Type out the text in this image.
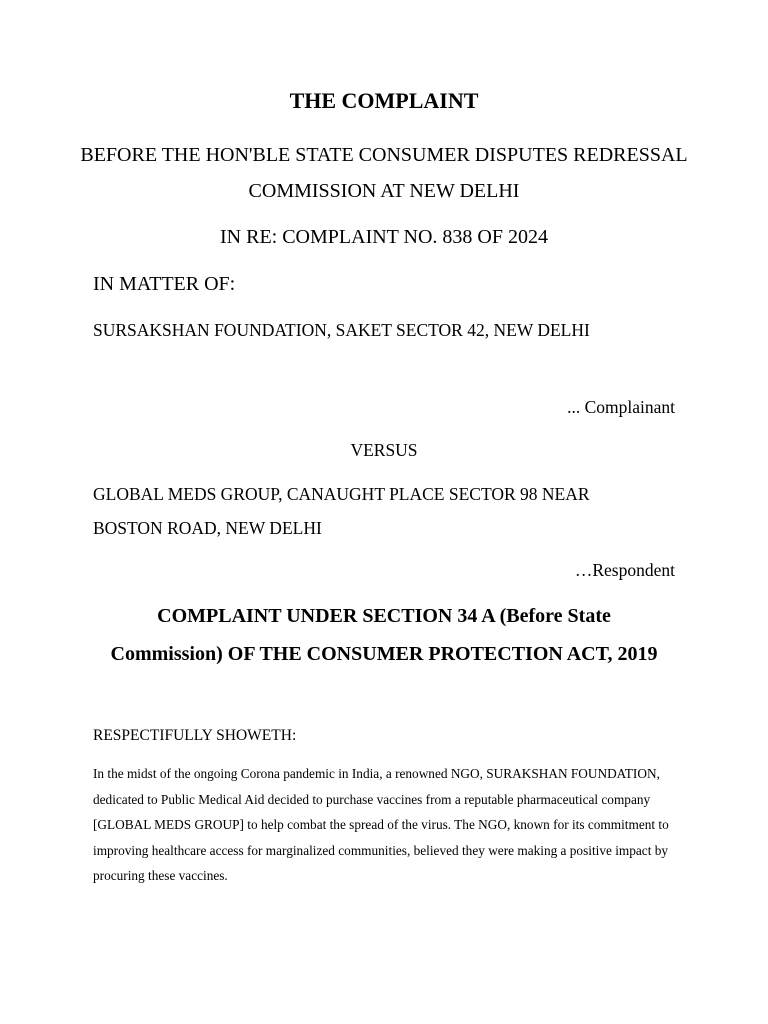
THE COMPLAINT
BEFORE THE HON'BLE STATE CONSUMER DISPUTES REDRESSAL COMMISSION AT NEW DELHI
IN RE: COMPLAINT NO. 838 OF 2024
IN MATTER OF:
SURSAKSHAN FOUNDATION, SAKET SECTOR 42, NEW DELHI
... Complainant
VERSUS
GLOBAL MEDS GROUP, CANAUGHT PLACE SECTOR 98 NEAR BOSTON ROAD, NEW DELHI
…Respondent
COMPLAINT UNDER SECTION 34 A (Before State Commission) OF THE CONSUMER PROTECTION ACT, 2019
RESPECTIFULLY SHOWETH:
In the midst of the ongoing Corona pandemic in India, a renowned NGO, SURAKSHAN FOUNDATION, dedicated to Public Medical Aid decided to purchase vaccines from a reputable pharmaceutical company [GLOBAL MEDS GROUP] to help combat the spread of the virus. The NGO, known for its commitment to improving healthcare access for marginalized communities, believed they were making a positive impact by procuring these vaccines.
